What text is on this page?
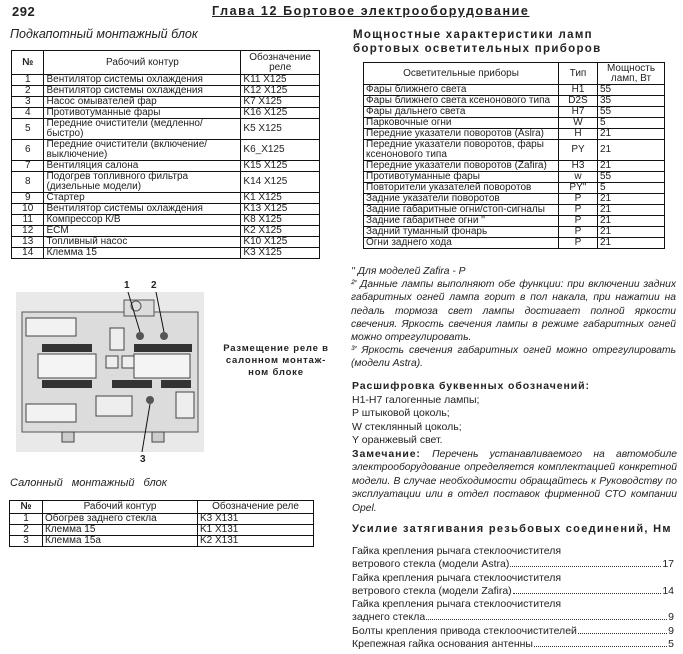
292	Глава 12 Бортовое электрооборудование
Подкапотный монтажный блок
№	Рабочий контур	Обозначение реле
1	Вентилятор системы охлаждения	K11 X125
2	Вентилятор системы охлаждения	K12 X125
3	Насос омывателей фар	K7 X125
4	Противотуманные фары	K16 X125
5	Передние очистители (медленно/быстро)	K5 X125
6	Передние очистители (включение/выключение)	K6_X125
7	Вентиляция салона	K15 X125
8	Подогрев топливного фильтра (дизельные модели)	K14 X125
9	Стартер	K1 X125
10	Вентилятор системы охлаждения	K13 X125
11	Компрессор К/В	K8 X125
12	ECM	K2 X125
13	Топливный насос	K10 X125
14	Клемма 15	K3 X125
1 2
3
Размещение реле в салонном монтаж-ном блоке
Салонный монтажный блок
№	Рабочий контур	Обозначение реле
1	Обогрев заднего стекла	K3 X131
2	Клемма 15	K1 X131
3	Клемма 15а	K2 X131
Мощностные характеристики ламп бортовых осветительных приборов
Осветительные приборы	Тип	Мощность ламп, Вт
Фары ближнего света	H1	55
Фары ближнего света ксенонового типа	D2S	35
Фары дальнего света	H7	55
Парковочные огни	W	5
Передние указатели поворотов (Aslra)	H	21
Передние указатели поворотов, фары ксенонового типа	PY	21
Передние указатели поворотов (Zafira)	H3	21
Противотуманные фары	w	55
Повторители указателей поворотов	PY''	5
Задние указатели поворотов	P	21
Задние габаритные огни/стоп-сигналы	P	21
Задние габаритнее огни ''	P	21
Задний туманный фонарь	P	21
Огни заднего хода	P	21
'' Для моделей Zafira - P
²' Данные лампы выполняют обе функции: при включении задних габаритных огней лампа горит в пол накала, при нажатии на педаль тормоза свет лампы достигает полной яркости свечения. Яркость свечения лампы в режиме габаритных огней можно отрегулировать.
³' Яркость свечения габаритных огней можно отрегулировать (модели Astra).
Расшифровка буквенных обозначений:
H1-H7 галогенные лампы;
P штыковой цоколь;
W стеклянный цоколь;
Y оранжевый свет.
Замечание: Перечень устанавливаемого на автомобиле электрооборудование определяется комплектацией конкретной модели. В случае необходимости обращайтесь к Руководству по эксплуатации или в отдел поставок фирменной СТО компании Opel.
Усилие затягивания резьбовых соединений, Нм
Гайка крепления рычага стеклоочистителя
ветрового стекла (модели Astra)	17
Гайка крепления рычага стеклоочистителя
ветрового стекла (модели Zafira)	14
Гайка крепления рычага стеклоочистителя
заднего стекла	9
Болты крепления привода стеклоочистителей	9
Крепежная гайка основания антенны	5
